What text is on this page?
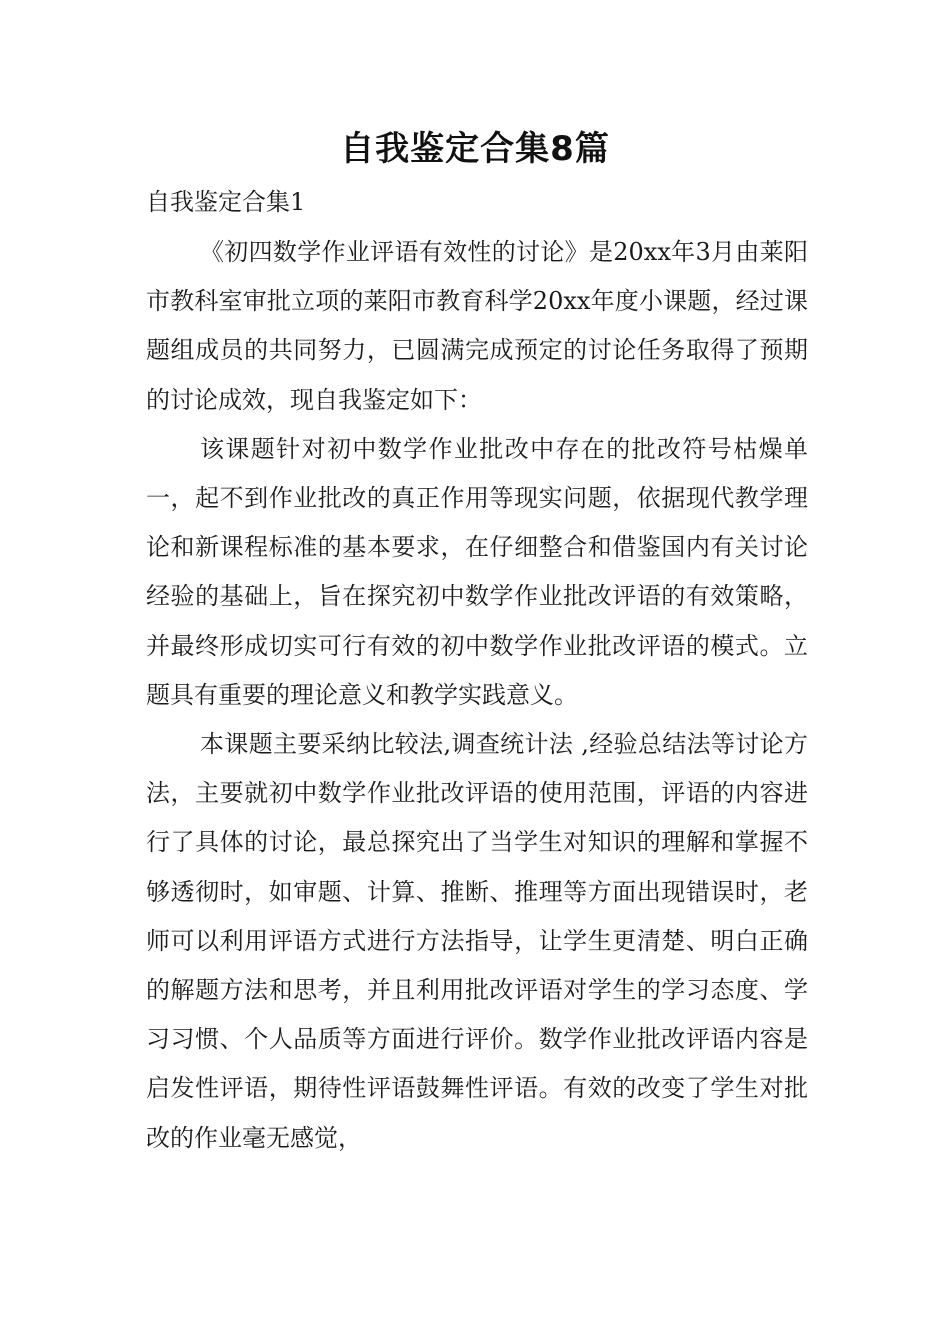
自我鉴定合集8篇

自我鉴定合集1

《初四数学作业评语有效性的讨论》是20xx年3月由莱阳市教科室审批立项的莱阳市教育科学20xx年度小课题，经过课题组成员的共同努力，已圆满完成预定的讨论任务取得了预期的讨论成效，现自我鉴定如下：

该课题针对初中数学作业批改中存在的批改符号枯燥单一，起不到作业批改的真正作用等现实问题，依据现代教学理论和新课程标准的基本要求，在仔细整合和借鉴国内有关讨论经验的基础上，旨在探究初中数学作业批改评语的有效策略，并最终形成切实可行有效的初中数学作业批改评语的模式。立题具有重要的理论意义和教学实践意义。

本课题主要采纳比较法,调查统计法 ,经验总结法等讨论方法，主要就初中数学作业批改评语的使用范围，评语的内容进行了具体的讨论，最总探究出了当学生对知识的理解和掌握不够透彻时，如审题、计算、推断、推理等方面出现错误时，老师可以利用评语方式进行方法指导，让学生更清楚、明白正确的解题方法和思考，并且利用批改评语对学生的学习态度、学习习惯、个人品质等方面进行评价。数学作业批改评语内容是启发性评语，期待性评语鼓舞性评语。有效的改变了学生对批改的作业毫无感觉，
